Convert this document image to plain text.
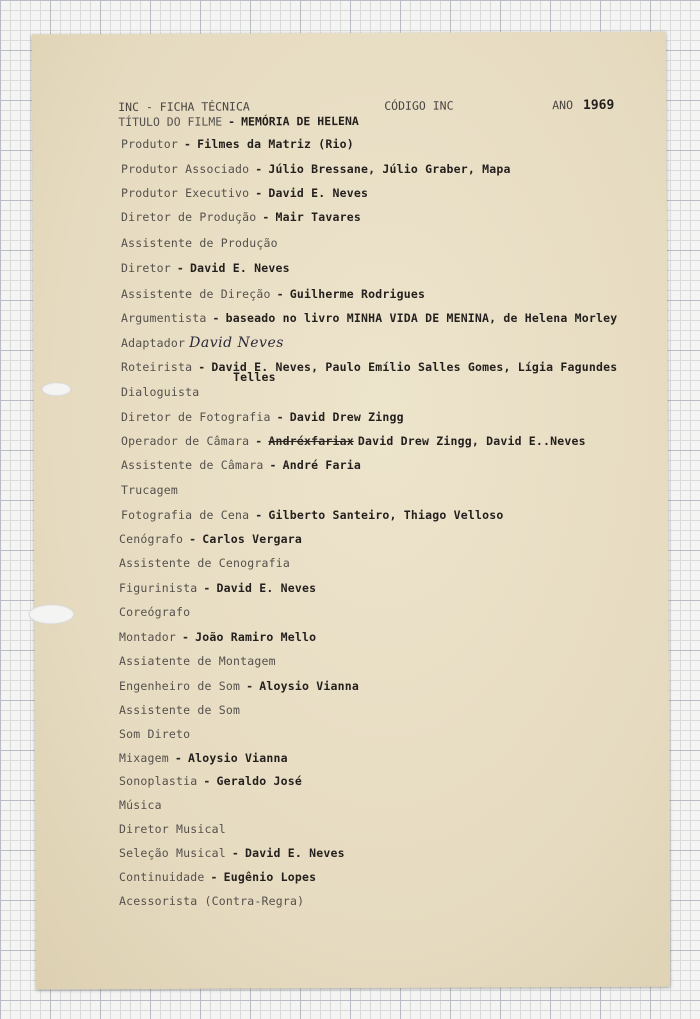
INC - FICHA TÉCNICA	CÓDIGO INC	ANO 1969
TÍTULO DO FILME - MEMÓRIA DE HELENA
Produtor - Filmes da Matriz (Rio)
Produtor Associado - Júlio Bressane, Júlio Graber, Mapa
Produtor Executivo - David E. Neves
Diretor de Produção - Mair Tavares
Assistente de Produção
Diretor - David E. Neves
Assistente de Direção - Guilherme Rodrigues
Argumentista - baseado no livro MINHA VIDA DE MENINA, de Helena Morley
Adaptador David Neves
Roteirista - David E. Neves, Paulo Emílio Salles Gomes, Lígia Fagundes
Telles
Dialoguista
Diretor de Fotografia - David Drew Zingg
Operador de Câmara - Andréxfariax David Drew Zingg, David E..Neves
Assistente de Câmara - André Faria
Trucagem
Fotografia de Cena - Gilberto Santeiro, Thiago Velloso
Cenógrafo - Carlos Vergara
Assistente de Cenografia
Figurinista - David E. Neves
Coreógrafo
Montador - João Ramiro Mello
Assiatente de Montagem
Engenheiro de Som - Aloysio Vianna
Assistente de Som
Som Direto
Mixagem - Aloysio Vianna
Sonoplastia - Geraldo José
Música
Diretor Musical
Seleção Musical - David E. Neves
Continuidade - Eugênio Lopes
Acessorista (Contra-Regra)
